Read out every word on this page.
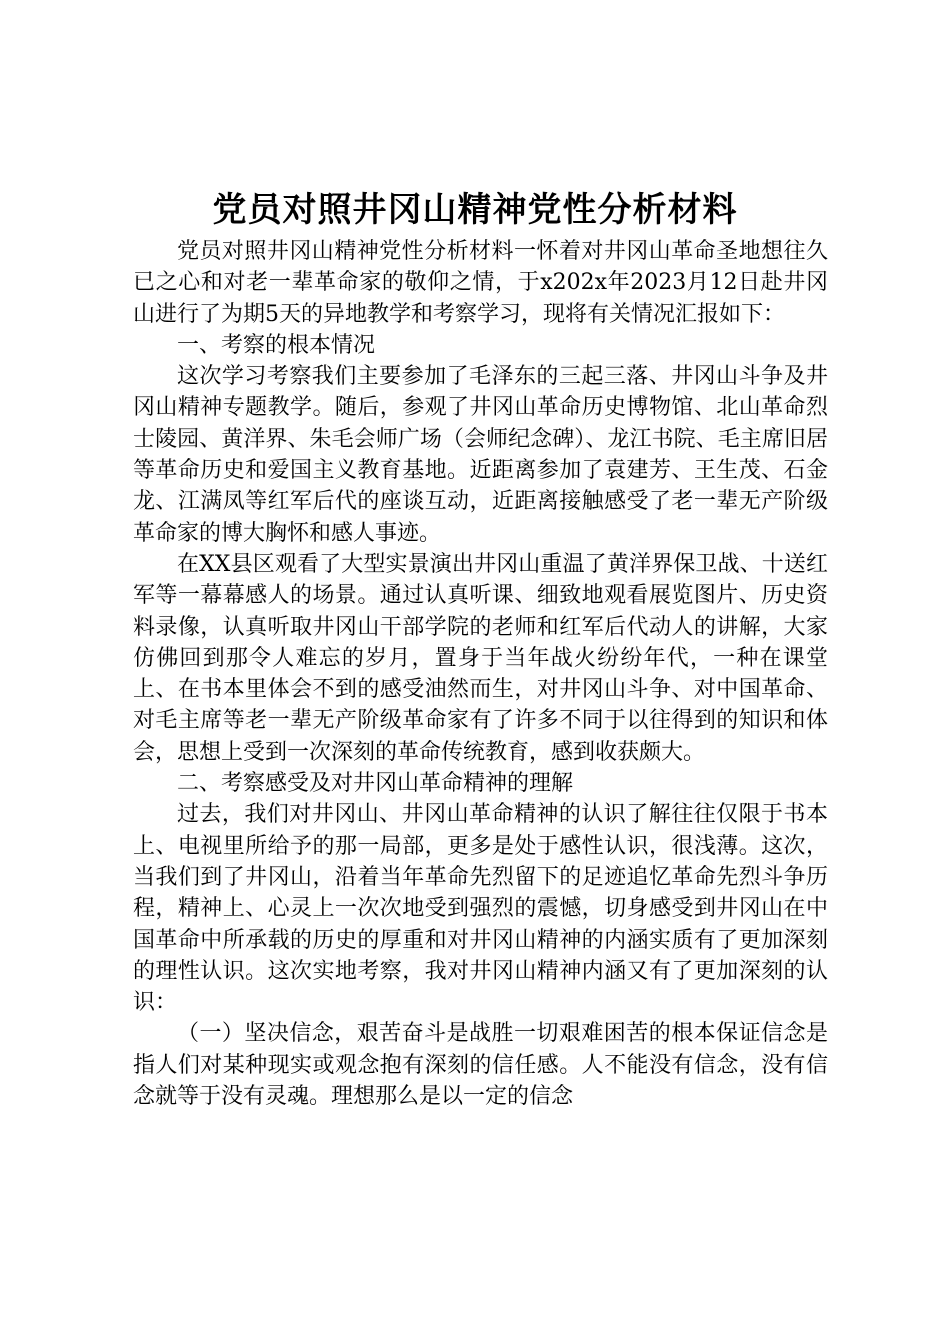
党员对照井冈山精神党性分析材料

党员对照井冈山精神党性分析材料一怀着对井冈山革命圣地想往久已之心和对老一辈革命家的敬仰之情，于x202x年2023月12日赴井冈山进行了为期5天的异地教学和考察学习，现将有关情况汇报如下：

一、考察的根本情况

这次学习考察我们主要参加了毛泽东的三起三落、井冈山斗争及井冈山精神专题教学。随后，参观了井冈山革命历史博物馆、北山革命烈士陵园、黄洋界、朱毛会师广场（会师纪念碑）、龙江书院、毛主席旧居等革命历史和爱国主义教育基地。近距离参加了袁建芳、王生茂、石金龙、江满凤等红军后代的座谈互动，近距离接触感受了老一辈无产阶级革命家的博大胸怀和感人事迹。

在XX县区观看了大型实景演出井冈山重温了黄洋界保卫战、十送红军等一幕幕感人的场景。通过认真听课、细致地观看展览图片、历史资料录像，认真听取井冈山干部学院的老师和红军后代动人的讲解，大家仿佛回到那令人难忘的岁月，置身于当年战火纷纷年代，一种在课堂上、在书本里体会不到的感受油然而生，对井冈山斗争、对中国革命、对毛主席等老一辈无产阶级革命家有了许多不同于以往得到的知识和体会，思想上受到一次深刻的革命传统教育，感到收获颇大。

二、考察感受及对井冈山革命精神的理解

过去，我们对井冈山、井冈山革命精神的认识了解往往仅限于书本上、电视里所给予的那一局部，更多是处于感性认识，很浅薄。这次，当我们到了井冈山，沿着当年革命先烈留下的足迹追忆革命先烈斗争历程，精神上、心灵上一次次地受到强烈的震憾，切身感受到井冈山在中国革命中所承载的历史的厚重和对井冈山精神的内涵实质有了更加深刻的理性认识。这次实地考察，我对井冈山精神内涵又有了更加深刻的认识：

（一）坚决信念，艰苦奋斗是战胜一切艰难困苦的根本保证信念是指人们对某种现实或观念抱有深刻的信任感。人不能没有信念，没有信念就等于没有灵魂。理想那么是以一定的信念
